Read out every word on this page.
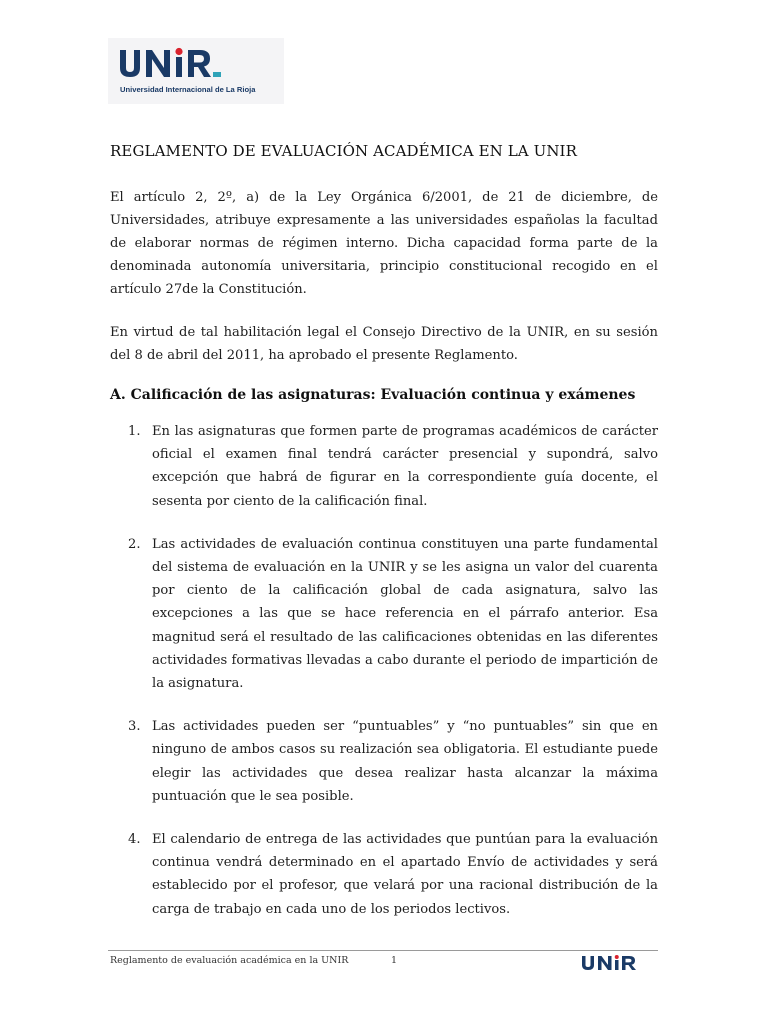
Universidad Internacional de La Rioja
REGLAMENTO DE EVALUACIÓN ACADÉMICA EN LA UNIR

El artículo 2, 2º, a) de la Ley Orgánica 6/2001, de 21 de diciembre, de Universidades, atribuye expresamente a las universidades españolas la facultad de elaborar normas de régimen interno. Dicha capacidad forma parte de la denominada autonomía universitaria, principio constitucional recogido en el artículo 27de la Constitución.

En virtud de tal habilitación legal el Consejo Directivo de la UNIR, en su sesión del 8 de abril del 2011, ha aprobado el presente Reglamento.

A. Calificación de las asignaturas: Evaluación continua y exámenes
1. En las asignaturas que formen parte de programas académicos de carácter oficial el examen final tendrá carácter presencial y supondrá, salvo excepción que habrá de figurar en la correspondiente guía docente, el sesenta por ciento de la calificación final.
2. Las actividades de evaluación continua constituyen una parte fundamental del sistema de evaluación en la UNIR y se les asigna un valor del cuarenta por ciento de la calificación global de cada asignatura, salvo las excepciones a las que se hace referencia en el párrafo anterior. Esa magnitud será el resultado de las calificaciones obtenidas en las diferentes actividades formativas llevadas a cabo durante el periodo de impartición de la asignatura.
3. Las actividades pueden ser “puntuables” y “no puntuables” sin que en ninguno de ambos casos su realización sea obligatoria. El estudiante puede elegir las actividades que desea realizar hasta alcanzar la máxima puntuación que le sea posible.
4. El calendario de entrega de las actividades que puntúan para la evaluación continua vendrá determinado en el apartado Envío de actividades y será establecido por el profesor, que velará por una racional distribución de la carga de trabajo en cada uno de los periodos lectivos.
Reglamento de evaluación académica en la UNIR	1
